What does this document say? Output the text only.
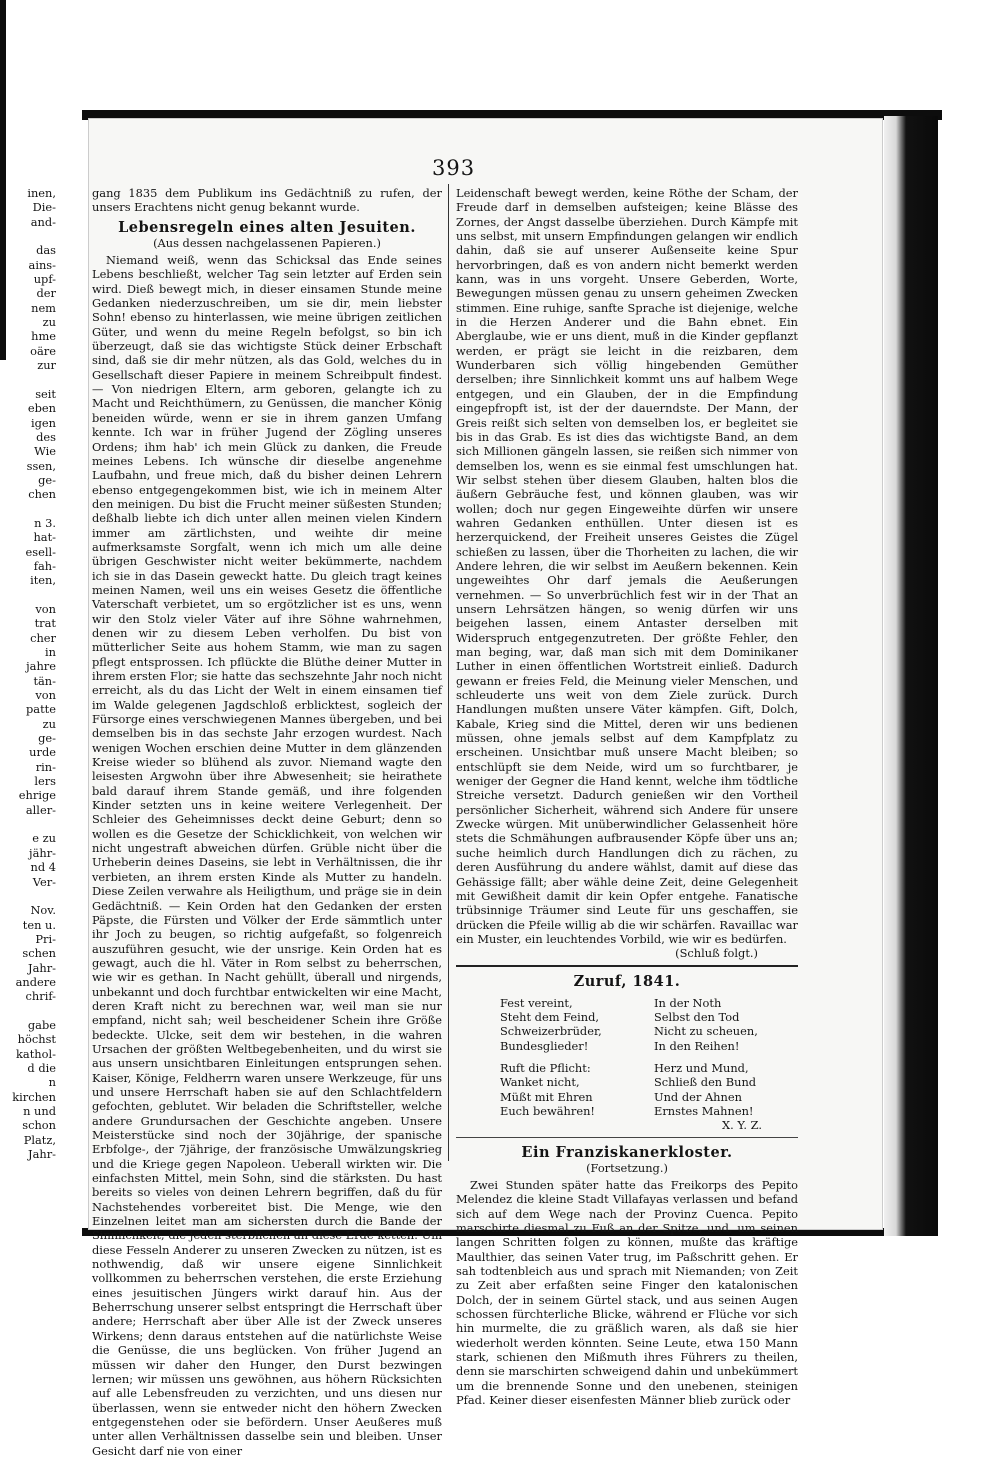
inen,
Die-
and-

das
ains-
upf-
der
nem
zu
hme
oäre
zur

seit
eben
igen
des
Wie
ssen,
ge-
chen

n 3.
hat-
esell-
fah-
iten,

von
trat
cher
in
jahre
tän-
von
patte
zu
ge-
urde
rin-
lers
ehrige
aller-

e zu
jähr-
nd 4
Ver-

Nov.
ten u.
Pri-
schen
Jahr-
andere
chrif-

gabe
höchst
kathol-
d die
n
kirchen
n und
schon
Platz,
Jahr-
393

gang 1835 dem Publikum ins Gedächtniß zu rufen, der unsers Erachtens nicht genug bekannt wurde.

Lebensregeln eines alten Jesuiten.
(Aus dessen nachgelassenen Papieren.)

Niemand weiß, wenn das Schicksal das Ende seines Lebens beschließt, welcher Tag sein letzter auf Erden sein wird. Dieß bewegt mich, in dieser einsamen Stunde meine Gedanken niederzuschreiben, um sie dir, mein liebster Sohn! ebenso zu hinterlassen, wie meine übrigen zeitlichen Güter, und wenn du meine Regeln befolgst, so bin ich überzeugt, daß sie das wichtigste Stück deiner Erbschaft sind, daß sie dir mehr nützen, als das Gold, welches du in Gesellschaft dieser Papiere in meinem Schreibpult findest. — Von niedrigen Eltern, arm geboren, gelangte ich zu Macht und Reichthümern, zu Genüssen, die mancher König beneiden würde, wenn er sie in ihrem ganzen Umfang kennte. Ich war in früher Jugend der Zögling unseres Ordens; ihm hab' ich mein Glück zu danken, die Freude meines Lebens. Ich wünsche dir dieselbe angenehme Laufbahn, und freue mich, daß du bisher deinen Lehrern ebenso entgegengekommen bist, wie ich in meinem Alter den meinigen. Du bist die Frucht meiner süßesten Stunden; deßhalb liebte ich dich unter allen meinen vielen Kindern immer am zärtlichsten, und weihte dir meine aufmerksamste Sorgfalt, wenn ich mich um alle deine übrigen Geschwister nicht weiter bekümmerte, nachdem ich sie in das Dasein geweckt hatte. Du gleich tragt keines meinen Namen, weil uns ein weises Gesetz die öffentliche Vaterschaft verbietet, um so ergötzlicher ist es uns, wenn wir den Stolz vieler Väter auf ihre Söhne wahrnehmen, denen wir zu diesem Leben verholfen. Du bist von mütterlicher Seite aus hohem Stamm, wie man zu sagen pflegt entsprossen. Ich pflückte die Blüthe deiner Mutter in ihrem ersten Flor; sie hatte das sechszehnte Jahr noch nicht erreicht, als du das Licht der Welt in einem einsamen tief im Walde gelegenen Jagdschloß erblicktest, sogleich der Fürsorge eines verschwiegenen Mannes übergeben, und bei demselben bis in das sechste Jahr erzogen wurdest. Nach wenigen Wochen erschien deine Mutter in dem glänzenden Kreise wieder so blühend als zuvor. Niemand wagte den leisesten Argwohn über ihre Abwesenheit; sie heirathete bald darauf ihrem Stande gemäß, und ihre folgenden Kinder setzten uns in keine weitere Verlegenheit. Der Schleier des Geheimnisses deckt deine Geburt; denn so wollen es die Gesetze der Schicklichkeit, von welchen wir nicht ungestraft abweichen dürfen. Grüble nicht über die Urheberin deines Daseins, sie lebt in Verhältnissen, die ihr verbieten, an ihrem ersten Kinde als Mutter zu handeln. Diese Zeilen verwahre als Heiligthum, und präge sie in dein Gedächtniß. — Kein Orden hat den Gedanken der ersten Päpste, die Fürsten und Völker der Erde sämmtlich unter ihr Joch zu beugen, so richtig aufgefaßt, so folgenreich auszuführen gesucht, wie der unsrige. Kein Orden hat es gewagt, auch die hl. Väter in Rom selbst zu beherrschen, wie wir es gethan. In Nacht gehüllt, überall und nirgends, unbekannt und doch furchtbar entwickelten wir eine Macht, deren Kraft nicht zu berechnen war, weil man sie nur empfand, nicht sah; weil bescheidener Schein ihre Größe bedeckte. Ulcke, seit dem wir bestehen, in die wahren Ursachen der größten Weltbegebenheiten, und du wirst sie aus unsern unsichtbaren Einleitungen entsprungen sehen. Kaiser, Könige, Feldherrn waren unsere Werkzeuge, für uns und unsere Herrschaft haben sie auf den Schlachtfeldern gefochten, geblutet. Wir beladen die Schriftsteller, welche andere Grundursachen der Geschichte angeben. Unsere Meisterstücke sind noch der 30jährige, der spanische Erbfolge-, der 7jährige, der französische Umwälzungskrieg und die Kriege gegen Napoleon. Ueberall wirkten wir. Die einfachsten Mittel, mein Sohn, sind die stärksten. Du hast bereits so vieles von deinen Lehrern begriffen, daß du für Nachstehendes vorbereitet bist. Die Menge, wie den Einzelnen leitet man am sichersten durch die Bande der Sinnlichkeit, die jeden sterblichen an diese Erde ketten. Um diese Fesseln Anderer zu unseren Zwecken zu nützen, ist es nothwendig, daß wir unsere eigene Sinnlichkeit vollkommen zu beherrschen verstehen, die erste Erziehung eines jesuitischen Jüngers wirkt darauf hin. Aus der Beherrschung unserer selbst entspringt die Herrschaft über andere; Herrschaft aber über Alle ist der Zweck unseres Wirkens; denn daraus entstehen auf die natürlichste Weise die Genüsse, die uns beglücken. Von früher Jugend an müssen wir daher den Hunger, den Durst bezwingen lernen; wir müssen uns gewöhnen, aus höhern Rücksichten auf alle Lebensfreuden zu verzichten, und uns diesen nur überlassen, wenn sie entweder nicht den höhern Zwecken entgegenstehen oder sie befördern. Unser Aeußeres muß unter allen Verhältnissen dasselbe sein und bleiben. Unser Gesicht darf nie von einer

Leidenschaft bewegt werden, keine Röthe der Scham, der Freude darf in demselben aufsteigen; keine Blässe des Zornes, der Angst dasselbe überziehen. Durch Kämpfe mit uns selbst, mit unsern Empfindungen gelangen wir endlich dahin, daß sie auf unserer Außenseite keine Spur hervorbringen, daß es von andern nicht bemerkt werden kann, was in uns vorgeht. Unsere Geberden, Worte, Bewegungen müssen genau zu unsern geheimen Zwecken stimmen. Eine ruhige, sanfte Sprache ist diejenige, welche in die Herzen Anderer und die Bahn ebnet. Ein Aberglaube, wie er uns dient, muß in die Kinder gepflanzt werden, er prägt sie leicht in die reizbaren, dem Wunderbaren sich völlig hingebenden Gemüther derselben; ihre Sinnlichkeit kommt uns auf halbem Wege entgegen, und ein Glauben, der in die Empfindung eingepfropft ist, ist der der dauerndste. Der Mann, der Greis reißt sich selten von demselben los, er begleitet sie bis in das Grab. Es ist dies das wichtigste Band, an dem sich Millionen gängeln lassen, sie reißen sich nimmer von demselben los, wenn es sie einmal fest umschlungen hat. Wir selbst stehen über diesem Glauben, halten blos die äußern Gebräuche fest, und können glauben, was wir wollen; doch nur gegen Eingeweihte dürfen wir unsere wahren Gedanken enthüllen. Unter diesen ist es herzerquickend, der Freiheit unseres Geistes die Zügel schießen zu lassen, über die Thorheiten zu lachen, die wir Andere lehren, die wir selbst im Aeußern bekennen. Kein ungeweihtes Ohr darf jemals die Aeußerungen vernehmen. — So unverbrüchlich fest wir in der That an unsern Lehrsätzen hängen, so wenig dürfen wir uns beigehen lassen, einem Antaster derselben mit Widerspruch entgegenzutreten. Der größte Fehler, den man beging, war, daß man sich mit dem Dominikaner Luther in einen öffentlichen Wortstreit einließ. Dadurch gewann er freies Feld, die Meinung vieler Menschen, und schleuderte uns weit von dem Ziele zurück. Durch Handlungen mußten unsere Väter kämpfen. Gift, Dolch, Kabale, Krieg sind die Mittel, deren wir uns bedienen müssen, ohne jemals selbst auf dem Kampfplatz zu erscheinen. Unsichtbar muß unsere Macht bleiben; so entschlüpft sie dem Neide, wird um so furchtbarer, je weniger der Gegner die Hand kennt, welche ihm tödtliche Streiche versetzt. Dadurch genießen wir den Vortheil persönlicher Sicherheit, während sich Andere für unsere Zwecke würgen. Mit unüberwindlicher Gelassenheit höre stets die Schmähungen aufbrausender Köpfe über uns an; suche heimlich durch Handlungen dich zu rächen, zu deren Ausführung du andere wählst, damit auf diese das Gehässige fällt; aber wähle deine Zeit, deine Gelegenheit mit Gewißheit damit dir kein Opfer entgehe. Fanatische trübsinnige Träumer sind Leute für uns geschaffen, sie drücken die Pfeile willig ab die wir schärfen. Ravaillac war ein Muster, ein leuchtendes Vorbild, wie wir es bedürfen.

(Schluß folgt.)
Zuruf, 1841.
Fest vereint,	In der Noth
Steht dem Feind,	Selbst den Tod
Schweizerbrüder,	Nicht zu scheuen,
Bundesglieder!	In den Reihen!
Ruft die Pflicht:	Herz und Mund,
Wanket nicht,	Schließ den Bund
Müßt mit Ehren	Und der Ahnen
Euch bewähren!	Ernstes Mahnen!
X. Y. Z.
Ein Franziskanerkloster.
(Fortsetzung.)

Zwei Stunden später hatte das Freikorps des Pepito Melendez die kleine Stadt Villafayas verlassen und befand sich auf dem Wege nach der Provinz Cuenca. Pepito marschirte diesmal zu Fuß an der Spitze, und, um seinen langen Schritten folgen zu können, mußte das kräftige Maulthier, das seinen Vater trug, im Paßschritt gehen. Er sah todtenbleich aus und sprach mit Niemanden; von Zeit zu Zeit aber erfaßten seine Finger den katalonischen Dolch, der in seinem Gürtel stack, und aus seinen Augen schossen fürchterliche Blicke, während er Flüche vor sich hin murmelte, die zu gräßlich waren, als daß sie hier wiederholt werden könnten. Seine Leute, etwa 150 Mann stark, schienen den Mißmuth ihres Führers zu theilen, denn sie marschirten schweigend dahin und unbekümmert um die brennende Sonne und den unebenen, steinigen Pfad. Keiner dieser eisenfesten Männer blieb zurück oder
